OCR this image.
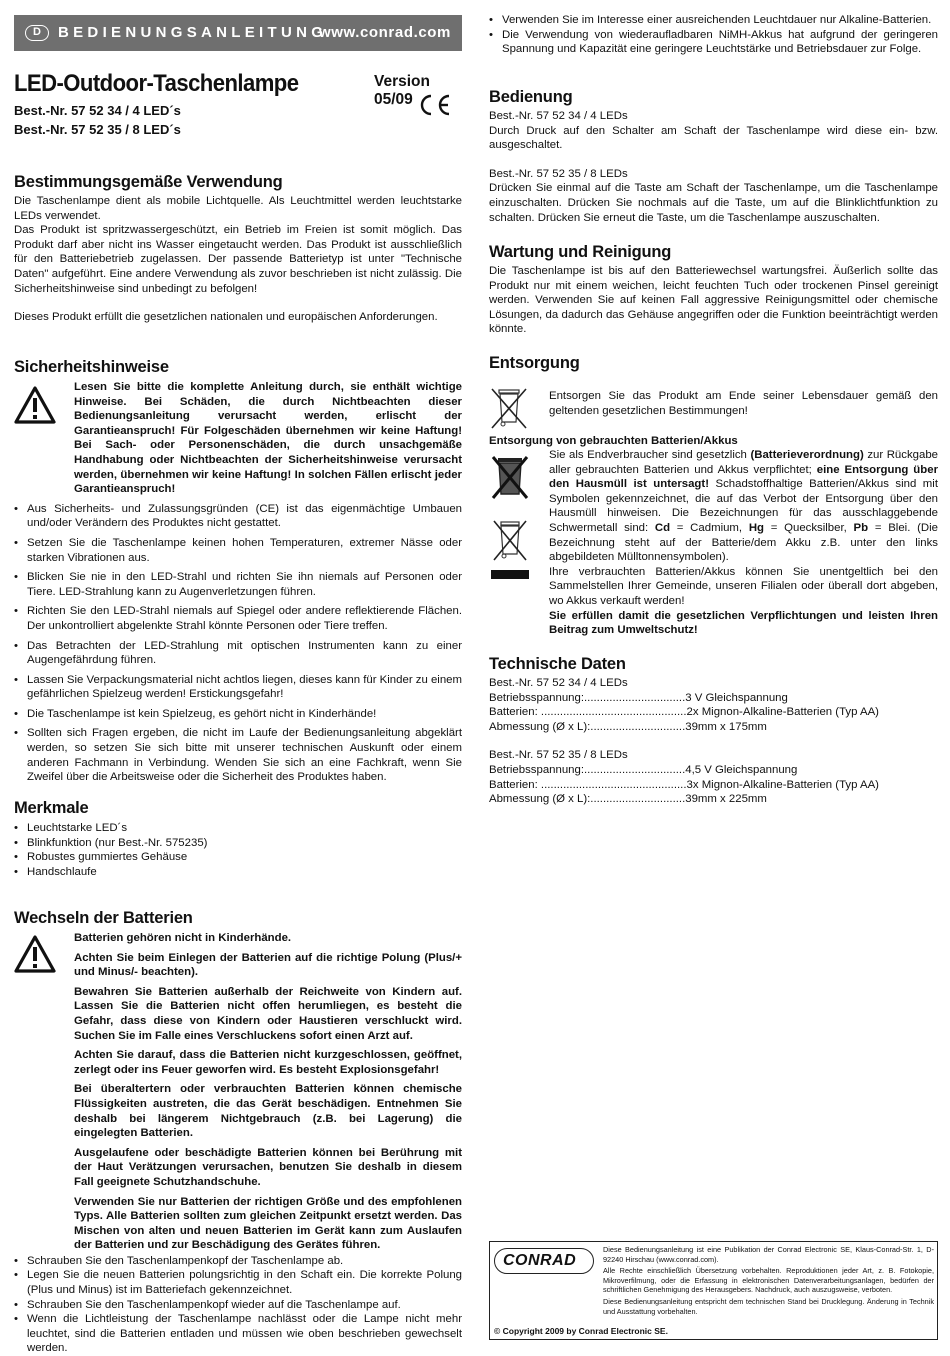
D	BEDIENUNGSANLEITUNG
www.conrad.com
LED-Outdoor-Taschenlampe	Version 05/09
Best.-Nr. 57 52 34 / 4 LED´s
Best.-Nr. 57 52 35 / 8 LED´s
Bestimmungsgemäße Verwendung

Die Taschenlampe dient als mobile Lichtquelle. Als Leuchtmittel werden leuchtstarke LEDs verwendet.

Das Produkt ist spritzwassergeschützt, ein Betrieb im Freien ist somit möglich. Das Produkt darf aber nicht ins Wasser eingetaucht werden. Das Produkt ist ausschließlich für den Batteriebetrieb zugelassen. Der passende Batterietyp ist unter "Technische Daten" aufgeführt. Eine andere Verwendung als zuvor beschrieben ist nicht zulässig. Die Sicherheitshinweise sind unbedingt zu befolgen!

Dieses Produkt erfüllt die gesetzlichen nationalen und europäischen Anforderungen.

Sicherheitshinweise

Lesen Sie bitte die komplette Anleitung durch, sie enthält wichtige Hinweise. Bei Schäden, die durch Nichtbeachten dieser Bedienungsanleitung verursacht werden, erlischt der Garantieanspruch! Für Folgeschäden übernehmen wir keine Haftung! Bei Sach- oder Personenschäden, die durch unsachgemäße Handhabung oder Nichtbeachten der Sicherheitshinweise verursacht werden, übernehmen wir keine Haftung! In solchen Fällen erlischt jeder Garantieanspruch!

• Aus Sicherheits- und Zulassungsgründen (CE) ist das eigenmächtige Umbauen und/oder Verändern des Produktes nicht gestattet.
• Setzen Sie die Taschenlampe keinen hohen Temperaturen, extremer Nässe oder starken Vibrationen aus.
• Blicken Sie nie in den LED-Strahl und richten Sie ihn niemals auf Personen oder Tiere. LED-Strahlung kann zu Augenverletzungen führen.
• Richten Sie den LED-Strahl niemals auf Spiegel oder andere reflektierende Flächen. Der unkontrolliert abgelenkte Strahl könnte Personen oder Tiere treffen.
• Das Betrachten der LED-Strahlung mit optischen Instrumenten kann zu einer Augengefährdung führen.
• Lassen Sie Verpackungsmaterial nicht achtlos liegen, dieses kann für Kinder zu einem gefährlichen Spielzeug werden! Erstickungsgefahr!
• Die Taschenlampe ist kein Spielzeug, es gehört nicht in Kinderhände!
• Sollten sich Fragen ergeben, die nicht im Laufe der Bedienungsanleitung abgeklärt werden, so setzen Sie sich bitte mit unserer technischen Auskunft oder einem anderen Fachmann in Verbindung. Wenden Sie sich an eine Fachkraft, wenn Sie Zweifel über die Arbeitsweise oder die Sicherheit des Produktes haben.
Merkmale
• Leuchtstarke LED´s
• Blinkfunktion (nur Best.-Nr. 575235)
• Robustes gummiertes Gehäuse
• Handschlaufe
Wechseln der Batterien

Batterien gehören nicht in Kinderhände.

Achten Sie beim Einlegen der Batterien auf die richtige Polung (Plus/+ und Minus/- beachten).

Bewahren Sie Batterien außerhalb der Reichweite von Kindern auf. Lassen Sie die Batterien nicht offen herumliegen, es besteht die Gefahr, dass diese von Kindern oder Haustieren verschluckt wird. Suchen Sie im Falle eines Verschluckens sofort einen Arzt auf.

Achten Sie darauf, dass die Batterien nicht kurzgeschlossen, geöffnet, zerlegt oder ins Feuer geworfen wird. Es besteht Explosionsgefahr!

Bei überaltertern oder verbrauchten Batterien können chemische Flüssigkeiten austreten, die das Gerät beschädigen. Entnehmen Sie deshalb bei längerem Nichtgebrauch (z.B. bei Lagerung) die eingelegten Batterien.

Ausgelaufene oder beschädigte Batterien können bei Berührung mit der Haut Verätzungen verursachen, benutzen Sie deshalb in diesem Fall geeignete Schutzhandschuhe.

Verwenden Sie nur Batterien der richtigen Größe und des empfohlenen Typs. Alle Batterien sollten zum gleichen Zeitpunkt ersetzt werden. Das Mischen von alten und neuen Batterien im Gerät kann zum Auslaufen der Batterien und zur Beschädigung des Gerätes führen.

• Schrauben Sie den Taschenlampenkopf der Taschenlampe ab.
• Legen Sie die neuen Batterien polungsrichtig in den Schaft ein. Die korrekte Polung (Plus und Minus) ist im Batteriefach gekennzeichnet.
• Schrauben Sie den Taschenlampenkopf wieder auf die Taschenlampe auf.
• Wenn die Lichtleistung der Taschenlampe nachlässt oder die Lampe nicht mehr leuchtet, sind die Batterien entladen und müssen wie oben beschrieben gewechselt werden.
• Verwenden Sie im Interesse einer ausreichenden Leuchtdauer nur Alkaline-Batterien.
• Die Verwendung von wiederaufladbaren NiMH-Akkus hat aufgrund der geringeren Spannung und Kapazität eine geringere Leuchtstärke und Betriebsdauer zur Folge.
Bedienung

Best.-Nr. 57 52 34 / 4 LEDs

Durch Druck auf den Schalter am Schaft der Taschenlampe wird diese ein- bzw. ausgeschaltet.

Best.-Nr. 57 52 35 / 8 LEDs

Drücken Sie einmal auf die Taste am Schaft der Taschenlampe, um die Taschenlampe einzuschalten. Drücken Sie nochmals auf die Taste, um auf die Blinklichtfunktion zu schalten. Drücken Sie erneut die Taste, um die Taschenlampe auszuschalten.

Wartung und Reinigung

Die Taschenlampe ist bis auf den Batteriewechsel wartungsfrei. Äußerlich sollte das Produkt nur mit einem weichen, leicht feuchten Tuch oder trockenen Pinsel gereinigt werden. Verwenden Sie auf keinen Fall aggressive Reinigungsmittel oder chemische Lösungen, da dadurch das Gehäuse angegriffen oder die Funktion beeinträchtigt werden könnte.

Entsorgung

Entsorgen Sie das Produkt am Ende seiner Lebensdauer gemäß den geltenden gesetzlichen Bestimmungen!

Entsorgung von gebrauchten Batterien/Akkus

Sie als Endverbraucher sind gesetzlich (Batterieverordnung) zur Rückgabe aller gebrauchten Batterien und Akkus verpflichtet; eine Entsorgung über den Hausmüll ist untersagt! Schadstoffhaltige Batterien/Akkus sind mit Symbolen gekennzeichnet, die auf das Verbot der Entsorgung über den Hausmüll hinweisen. Die Bezeichnungen für das ausschlaggebende Schwermetall sind: Cd = Cadmium, Hg = Quecksilber, Pb = Blei. (Die Bezeichnung steht auf der Batterie/dem Akku z.B. unter den links abgebildeten Mülltonnensymbolen).

Ihre verbrauchten Batterien/Akkus können Sie unentgeltlich bei den Sammelstellen Ihrer Gemeinde, unseren Filialen oder überall dort abgeben, wo Akkus verkauft werden!

Sie erfüllen damit die gesetzlichen Verpflichtungen und leisten Ihren Beitrag zum Umweltschutz!

Technische Daten

Best.-Nr. 57 52 34 / 4 LEDs

Betriebsspannung:................................3 V Gleichspannung
Batterien: ..............................................2x Mignon-Alkaline-Batterien (Typ AA)
Abmessung (Ø x L):..............................39mm x 175mm

Best.-Nr. 57 52 35 / 8 LEDs

Betriebsspannung:................................4,5 V Gleichspannung
Batterien: ..............................................3x Mignon-Alkaline-Batterien (Typ AA)
Abmessung (Ø x L):..............................39mm x 225mm
CONRAD

Diese Bedienungsanleitung ist eine Publikation der Conrad Electronic SE, Klaus-Conrad-Str. 1, D-92240 Hirschau (www.conrad.com).

Alle Rechte einschließlich Übersetzung vorbehalten. Reproduktionen jeder Art, z. B. Fotokopie, Mikroverfilmung, oder die Erfassung in elektronischen Datenverarbeitungsanlagen, bedürfen der schriftlichen Genehmigung des Herausgebers. Nachdruck, auch auszugsweise, verboten.

Diese Bedienungsanleitung entspricht dem technischen Stand bei Drucklegung. Änderung in Technik und Ausstattung vorbehalten.

© Copyright 2009 by Conrad Electronic SE.
